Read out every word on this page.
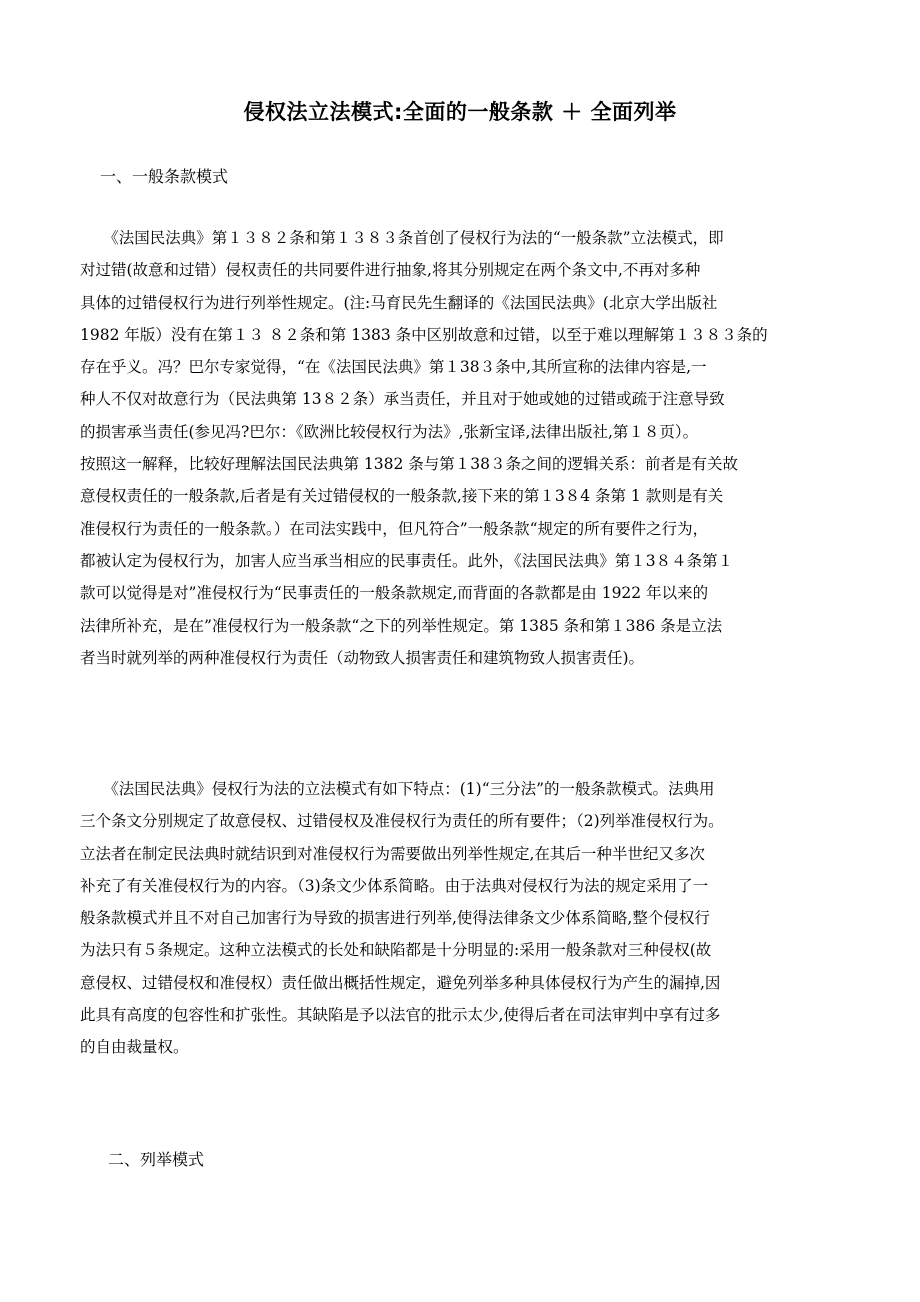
侵权法立法模式:全面的一般条款 ＋ 全面列举
一、一般条款模式
　　《法国民法典》第１３８２条和第１３８３条首创了侵权行为法的“一般条款”立法模式，即
对过错(故意和过错）侵权责任的共同要件进行抽象,将其分别规定在两个条文中,不再对多种
具体的过错侵权行为进行列举性规定。(注:马育民先生翻译的《法国民法典》(北京大学出版社
1982 年版）没有在第１３ ８２条和第 1383 条中区别故意和过错，以至于难以理解第１３８３条的
存在乎义。冯？巴尔专家觉得，“在《法国民法典》第１38３条中,其所宣称的法律内容是,一
种人不仅对故意行为（民法典第 13８２条）承当责任，并且对于她或她的过错或疏于注意导致
的损害承当责任(参见冯?巴尔：《欧洲比较侵权行为法》,张新宝译,法律出版社,第１８页）。
按照这一解释，比较好理解法国民法典第 1382 条与第１38３条之间的逻辑关系：前者是有关故
意侵权责任的一般条款,后者是有关过错侵权的一般条款,接下来的第１3８4 条第 1 款则是有关
准侵权行为责任的一般条款。）在司法实践中，但凡符合”一般条款“规定的所有要件之行为，
都被认定为侵权行为，加害人应当承当相应的民事责任。此外，《法国民法典》第１3８４条第１
款可以觉得是对”准侵权行为“民事责任的一般条款规定,而背面的各款都是由 1922 年以来的
法律所补充，是在”准侵权行为一般条款“之下的列举性规定。第 1385 条和第１386 条是立法
者当时就列举的两种准侵权行为责任（动物致人损害责任和建筑物致人损害责任)。
　　《法国民法典》侵权行为法的立法模式有如下特点：(1)“三分法”的一般条款模式。法典用
三个条文分别规定了故意侵权、过错侵权及准侵权行为责任的所有要件；（2)列举准侵权行为。
立法者在制定民法典时就结识到对准侵权行为需要做出列举性规定,在其后一种半世纪又多次
补充了有关准侵权行为的内容。（3)条文少体系简略。由于法典对侵权行为法的规定采用了一
般条款模式并且不对自己加害行为导致的损害进行列举,使得法律条文少体系简略,整个侵权行
为法只有５条规定。这种立法模式的长处和缺陷都是十分明显的:采用一般条款对三种侵权(故
意侵权、过错侵权和准侵权）责任做出概括性规定，避免列举多种具体侵权行为产生的漏掉,因
此具有高度的包容性和扩张性。其缺陷是予以法官的批示太少,使得后者在司法审判中享有过多
的自由裁量权。
二、列举模式
